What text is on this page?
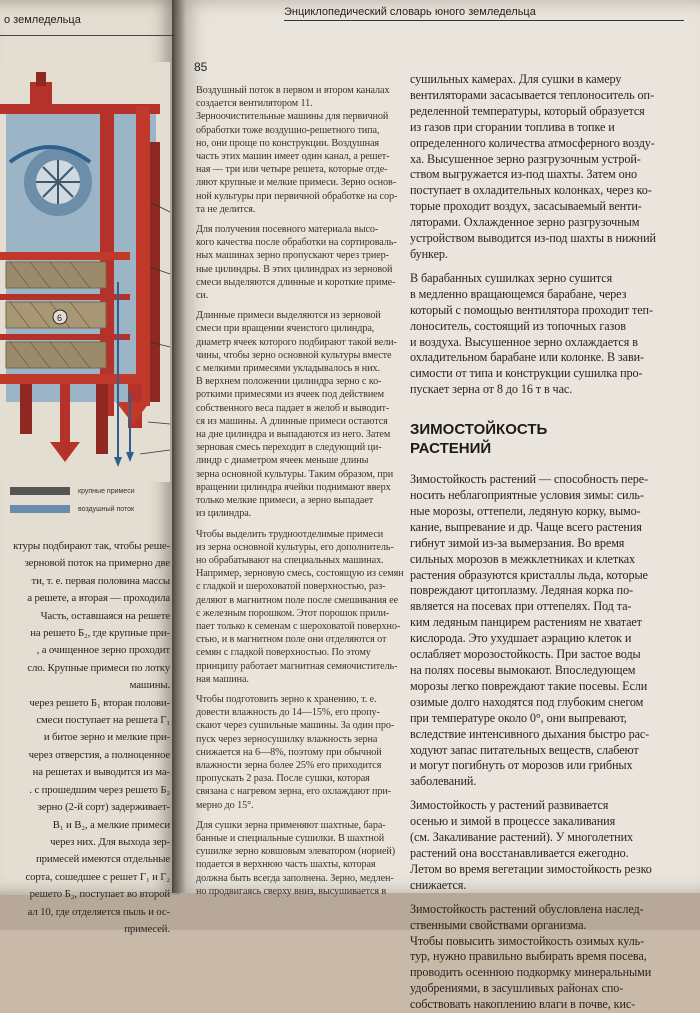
о земледельца
6
крупные примеси
воздушный поток
ктуры подбирают так, чтобы реше-
зерновой поток на примерно две
ти, т. е. первая половина массы
а решете, а вторая — проходила
Часть, оставшаяся на решете
на решето Б₂, где крупные при-
, а очищенное зерно проходит
сло. Крупные примеси по лотку
машины.
через решето Б₁ вторая полови-
смеси поступает на решета Г₁
и битое зерно и мелкие при-
через отверстия, а полноценное
на решетах и выводится из ма-
. с прошедшим через решето Б₂
зерно (2-й сорт) задерживает-
В₁ и В₂, а мелкие примеси
через них. Для выхода зер-
примесей имеются отдельные
сорта, сошедшее с решет Г₁ и Г₂
решето Б₂, поступает во второй
ал 10, где отделяется пыль и ос-
примесей.
Энциклопедический словарь юного земледельца
85
Воздушный поток в первом и втором каналах
создается вентилятором 11.
Зерноочистительные машины для первичной
обработки тоже воздушно-решетного типа,
но, они проще по конструкции. Воздушная
часть этих машин имеет один канал, а решет-
ная — три или четыре решета, которые отде-
ляют крупные и мелкие примеси. Зерно основ-
ной культуры при первичной обработке на сор-
та не делится.
Для получения посевного материала высо-
кого качества после обработки на сортироваль-
ных машинах зерно пропускают через триер-
ные цилиндры. В этих цилиндрах из зерновой
смеси выделяются длинные и короткие приме-
си.
Длинные примеси выделяются из зерновой
смеси при вращении ячеистого цилиндра,
диаметр ячеек которого подбирают такой вели-
чины, чтобы зерно основной культуры вместе
с мелкими примесями укладывалось в них.
В верхнем положении цилиндра зерно с ко-
роткими примесями из ячеек под действием
собственного веса падает в желоб и выводит-
ся из машины. А длинные примеси остаются
на дне цилиндра и выпадаются из него. Затем
зерновая смесь переходит в следующий ци-
линдр с диаметром ячеек меньше длины
зерна основной культуры. Таким образом, при
вращении цилиндра ячейки поднимают вверх
только мелкие примеси, а зерно выпадает
из цилиндра.
Чтобы выделить трудноотделимые примеси
из зерна основной культуры, его дополнитель-
но обрабатывают на специальных машинах.
Например, зерновую смесь, состоящую из семян
с гладкой и шероховатой поверхностью, раз-
деляют в магнитном поле после смешивания ее
с железным порошком. Этот порошок прили-
пает только к семенам с шероховатой поверхно-
стью, и в магнитном поле они отделяются от
семян с гладкой поверхностью. По этому
принципу работает магнитная семяочиститель-
ная машина.
Чтобы подготовить зерно к хранению, т. е.
довести влажность до 14—15%, его пропу-
скают через сушильные машины. За один про-
пуск через зерносушилку влажность зерна
снижается на 6—8%, поэтому при обычной
влажности зерна более 25% его приходится
пропускать 2 раза. После сушки, которая
связана с нагревом зерна, его охлаждают при-
мерно до 15°.
Для сушки зерна применяют шахтные, бара-
банные и специальные сушилки. В шахтной
сушилке зерно ковшовым элеватором (норией)
подается в верхнюю часть шахты, которая
должна быть всегда заполнена. Зерно, медлен-
но продвигаясь сверху вниз, высушивается в
сушильных камерах. Для сушки в камеру
вентиляторами засасывается теплоноситель оп-
ределенной температуры, который образуется
из газов при сгорании топлива в топке и
определенного количества атмосферного возду-
ха. Высушенное зерно разгрузочным устрой-
ством выгружается из-под шахты. Затем оно
поступает в охладительных колонках, через ко-
торые проходит воздух, засасываемый венти-
ляторами. Охлажденное зерно разгрузочным
устройством выводится из-под шахты в нижний
бункер.
В барабанных сушилках зерно сушится
в медленно вращающемся барабане, через
который с помощью вентилятора проходит теп-
лоноситель, состоящий из топочных газов
и воздуха. Высушенное зерно охлаждается в
охладительном барабане или колонке. В зави-
симости от типа и конструкции сушилка про-
пускает зерна от 8 до 16 т в час.
ЗИМОСТОЙКОСТЬ
РАСТЕНИЙ
Зимостойкость растений — способность пере-
носить неблагоприятные условия зимы: силь-
ные морозы, оттепели, ледяную корку, вымо-
кание, выпревание и др. Чаще всего растения
гибнут зимой из-за вымерзания. Во время
сильных морозов в межклетниках и клетках
растения образуются кристаллы льда, которые
повреждают цитоплазму. Ледяная корка по-
является на посевах при оттепелях. Под та-
ким ледяным панцирем растениям не хватает
кислорода. Это ухудшает аэрацию клеток и
ослабляет морозостойкость. При застое воды
на полях посевы вымокают. Впоследующем
морозы легко повреждают такие посевы. Если
озимые долго находятся под глубоким снегом
при температуре около 0°, они выпревают,
вследствие интенсивного дыхания быстро рас-
ходуют запас питательных веществ, слабеют
и могут погибнуть от морозов или грибных
заболеваний.
Зимостойкость у растений развивается
осенью и зимой в процессе закаливания
(см. Закаливание растений). У многолетних
растений она восстанавливается ежегодно.
Летом во время вегетации зимостойкость резко
снижается.
Зимостойкость растений обусловлена наслед-
ственными свойствами организма.
Чтобы повысить зимостойкость озимых куль-
тур, нужно правильно выбирать время посева,
проводить осеннюю подкормку минеральными
удобрениями, в засушливых районах спо-
собствовать накоплению влаги в почве, кис-
